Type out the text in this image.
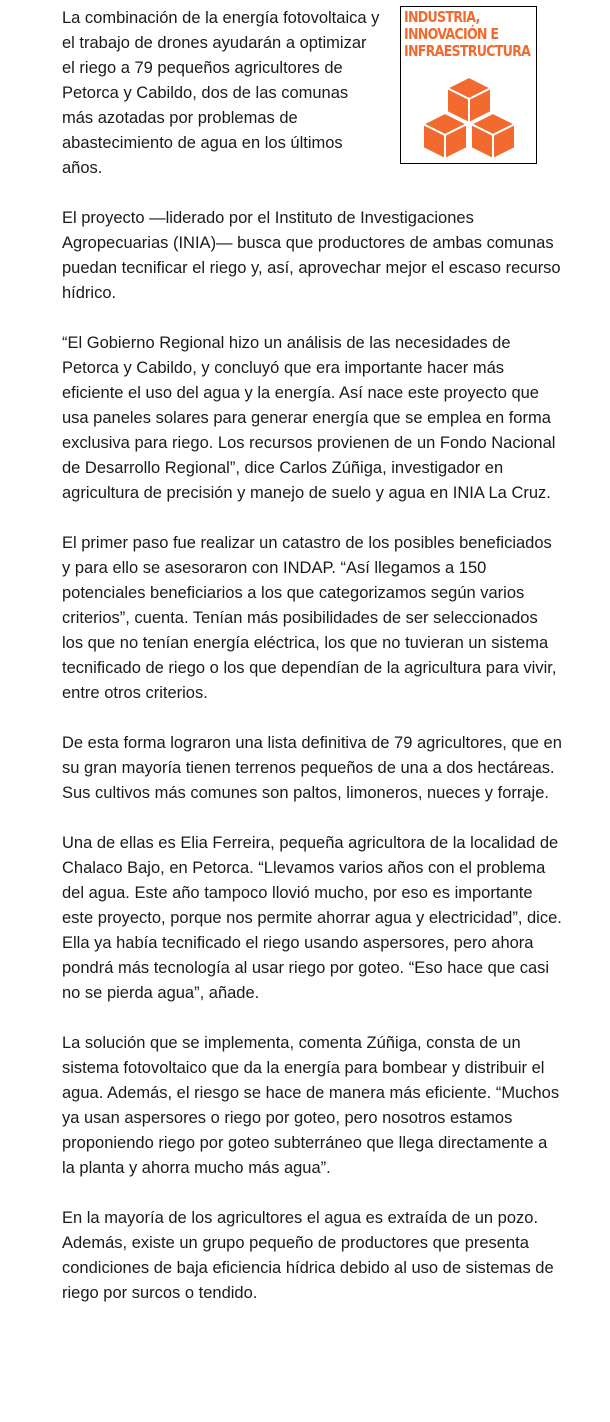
INDUSTRIA,
INNOVACIÓN E
INFRAESTRUCTURA

La combinación de la energía fotovoltaica y el trabajo de drones ayudarán a optimizar el riego a 79 pequeños agricultores de Petorca y Cabildo, dos de las comunas más azotadas por problemas de abastecimiento de agua en los últimos años.

El proyecto —liderado por el Instituto de Investigaciones Agropecuarias (INIA)— busca que productores de ambas comunas puedan tecnificar el riego y, así, aprovechar mejor el escaso recurso hídrico.

“El Gobierno Regional hizo un análisis de las necesidades de Petorca y Cabildo, y concluyó que era importante hacer más eficiente el uso del agua y la energía. Así nace este proyecto que usa paneles solares para generar energía que se emplea en forma exclusiva para riego. Los recursos provienen de un Fondo Nacional de Desarrollo Regional”, dice Carlos Zúñiga, investigador en agricultura de precisión y manejo de suelo y agua en INIA La Cruz.

El primer paso fue realizar un catastro de los posibles beneficiados y para ello se asesoraron con INDAP. “Así llegamos a 150 potenciales beneficiarios a los que categorizamos según varios criterios”, cuenta. Tenían más posibilidades de ser seleccionados los que no tenían energía eléctrica, los que no tuvieran un sistema tecnificado de riego o los que dependían de la agricultura para vivir, entre otros criterios.

De esta forma lograron una lista definitiva de 79 agricultores, que en su gran mayoría tienen terrenos pequeños de una a dos hectáreas. Sus cultivos más comunes son paltos, limoneros, nueces y forraje.

Una de ellas es Elia Ferreira, pequeña agricultora de la localidad de Chalaco Bajo, en Petorca. “Llevamos varios años con el problema del agua. Este año tampoco llovió mucho, por eso es importante este proyecto, porque nos permite ahorrar agua y electricidad”, dice. Ella ya había tecnificado el riego usando aspersores, pero ahora pondrá más tecnología al usar riego por goteo. “Eso hace que casi no se pierda agua”, añade.

La solución que se implementa, comenta Zúñiga, consta de un sistema fotovoltaico que da la energía para bombear y distribuir el agua. Además, el riesgo se hace de manera más eficiente. “Muchos ya usan aspersores o riego por goteo, pero nosotros estamos proponiendo riego por goteo subterráneo que llega directamente a la planta y ahorra mucho más agua”.

En la mayoría de los agricultores el agua es extraída de un pozo. Además, existe un grupo pequeño de productores que presenta condiciones de baja eficiencia hídrica debido al uso de sistemas de riego por surcos o tendido.
